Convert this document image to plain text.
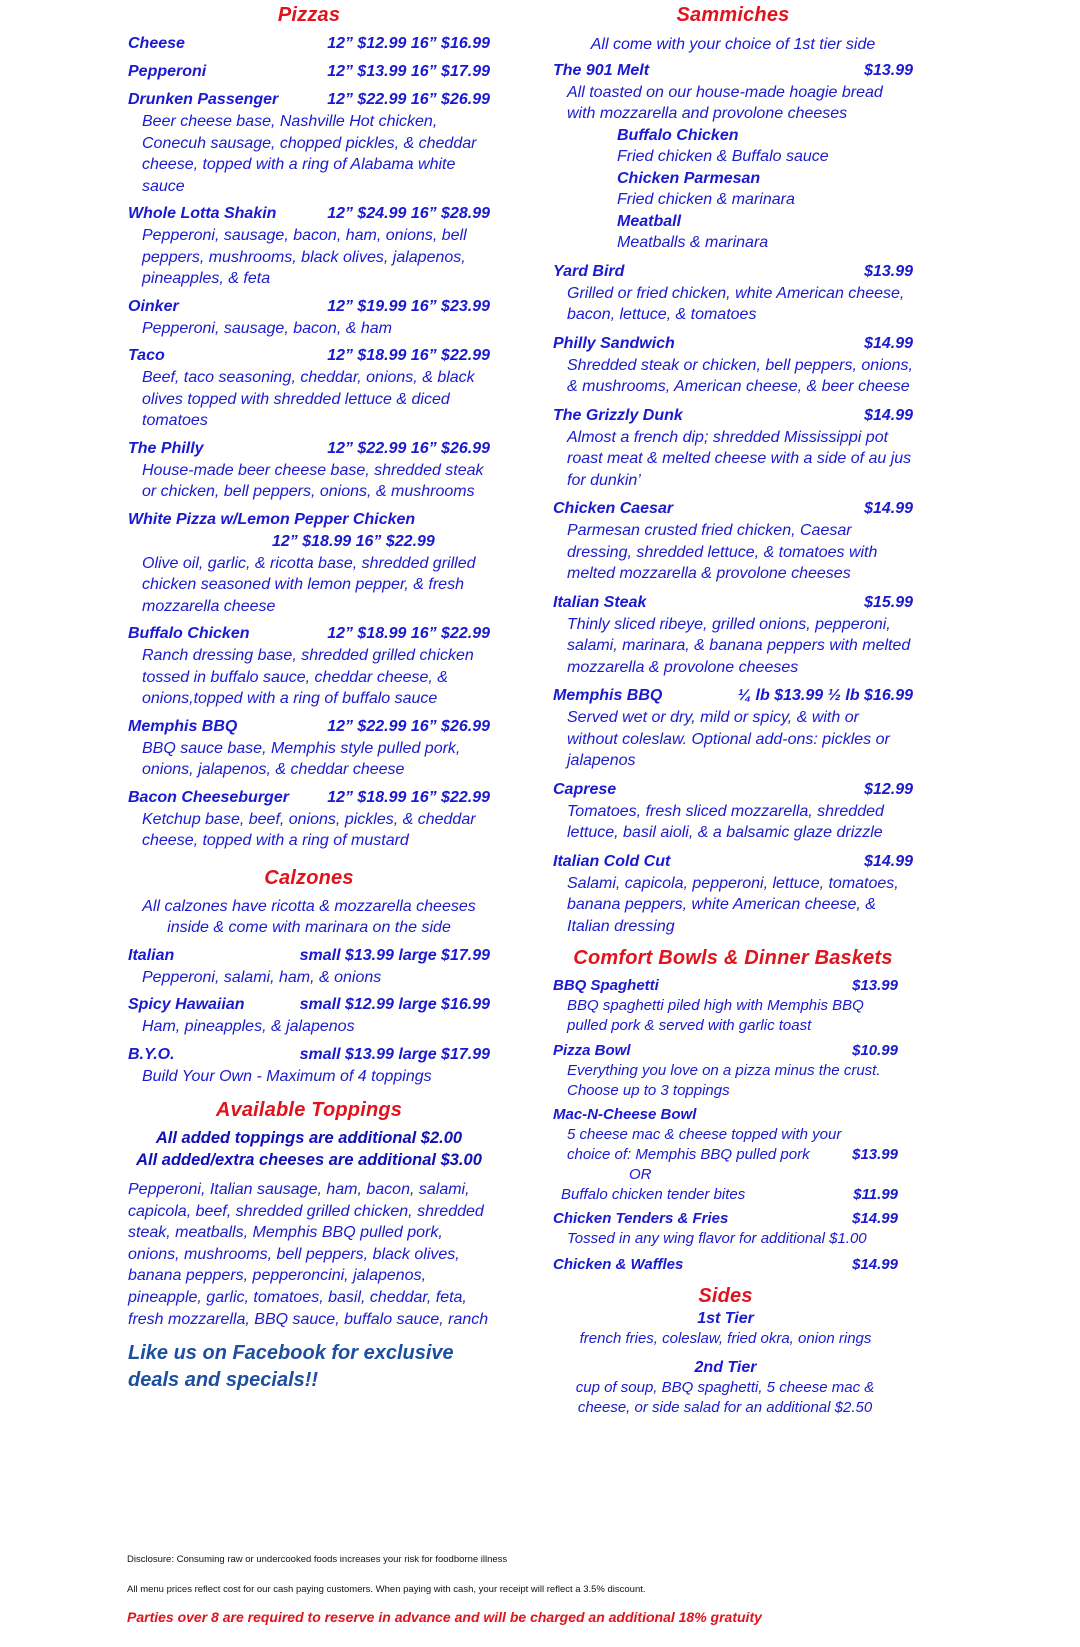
Pizzas
Cheese	12” $12.99 16” $16.99
Pepperoni	12” $13.99 16” $17.99
Drunken Passenger	12” $22.99 16” $26.99
Beer cheese base, Nashville Hot chicken, Conecuh sausage, chopped pickles, & cheddar cheese, topped with a ring of Alabama white sauce
Whole Lotta Shakin	12” $24.99 16” $28.99
Pepperoni, sausage, bacon, ham, onions, bell peppers, mushrooms, black olives, jalapenos, pineapples, & feta
Oinker	12” $19.99 16” $23.99
Pepperoni, sausage, bacon, & ham
Taco	12” $18.99 16” $22.99
Beef, taco seasoning, cheddar, onions, & black olives topped with shredded lettuce & diced tomatoes
The Philly	12” $22.99 16” $26.99
House-made beer cheese base, shredded steak or chicken, bell peppers, onions, & mushrooms
White Pizza w/Lemon Pepper Chicken
12” $18.99 16” $22.99
Olive oil, garlic, & ricotta base, shredded grilled chicken seasoned with lemon pepper, & fresh mozzarella cheese
Buffalo Chicken	12” $18.99 16” $22.99
Ranch dressing base, shredded grilled chicken tossed in buffalo sauce, cheddar cheese, & onions,topped with a ring of buffalo sauce
Memphis BBQ	12” $22.99 16” $26.99
BBQ sauce base, Memphis style pulled pork, onions, jalapenos, & cheddar cheese
Bacon Cheeseburger 12” $18.99 16” $22.99
Ketchup base, beef, onions, pickles, & cheddar cheese, topped with a ring of mustard
Calzones
All calzones have ricotta & mozzarella cheeses inside & come with marinara on the side
Italian	small $13.99 large $17.99
Pepperoni, salami, ham, & onions
Spicy Hawaiian	small $12.99 large $16.99
Ham, pineapples, & jalapenos
B.Y.O.	small $13.99 large $17.99
Build Your Own - Maximum of 4 toppings
Available Toppings
All added toppings are additional $2.00
All added/extra cheeses are additional $3.00
Pepperoni, Italian sausage, ham, bacon, salami, capicola, beef, shredded grilled chicken, shredded steak, meatballs, Memphis BBQ pulled pork, onions, mushrooms, bell peppers, black olives, banana peppers, pepperoncini, jalapenos, pineapple, garlic, tomatoes, basil, cheddar, feta, fresh mozzarella, BBQ sauce, buffalo sauce, ranch
Like us on Facebook for exclusive deals and specials!!
Sammiches
All come with your choice of 1st tier side
The 901 Melt	$13.99
All toasted on our house-made hoagie bread with mozzarella and provolone cheeses
Buffalo Chicken
Fried chicken & Buffalo sauce
Chicken Parmesan
Fried chicken & marinara
Meatball
Meatballs & marinara
Yard Bird	$13.99
Grilled or fried chicken, white American cheese, bacon, lettuce, & tomatoes
Philly Sandwich	$14.99
Shredded steak or chicken, bell peppers, onions, & mushrooms, American cheese, & beer cheese
The Grizzly Dunk	$14.99
Almost a french dip; shredded Mississippi pot roast meat & melted cheese with a side of au jus for dunkin’
Chicken Caesar	$14.99
Parmesan crusted fried chicken, Caesar dressing, shredded lettuce, & tomatoes with melted mozzarella & provolone cheeses
Italian Steak	$15.99
Thinly sliced ribeye, grilled onions, pepperoni, salami, marinara, & banana peppers with melted mozzarella & provolone cheeses
Memphis BBQ	¼ lb $13.99 ½ lb $16.99
Served wet or dry, mild or spicy, & with or without coleslaw. Optional add-ons: pickles or jalapenos
Caprese	$12.99
Tomatoes, fresh sliced mozzarella, shredded lettuce, basil aioli, & a balsamic glaze drizzle
Italian Cold Cut	$14.99
Salami, capicola, pepperoni, lettuce, tomatoes, banana peppers, white American cheese, & Italian dressing
Comfort Bowls & Dinner Baskets
BBQ Spaghetti	$13.99
BBQ spaghetti piled high with Memphis BBQ pulled pork & served with garlic toast
Pizza Bowl	$10.99
Everything you love on a pizza minus the crust. Choose up to 3 toppings
Mac-N-Cheese Bowl
5 cheese mac & cheese topped with your choice of: Memphis BBQ pulled pork	$13.99
OR
Buffalo chicken tender bites	$11.99
Chicken Tenders & Fries	$14.99
Tossed in any wing flavor for additional $1.00
Chicken & Waffles	$14.99
Sides
1st Tier
french fries, coleslaw, fried okra, onion rings
2nd Tier
cup of soup, BBQ spaghetti, 5 cheese mac & cheese, or side salad for an additional $2.50
Disclosure: Consuming raw or undercooked foods increases your risk for foodborne illness
All menu prices reflect cost for our cash paying customers. When paying with cash, your receipt will reflect a 3.5% discount.
Parties over 8 are required to reserve in advance and will be charged an additional 18% gratuity
